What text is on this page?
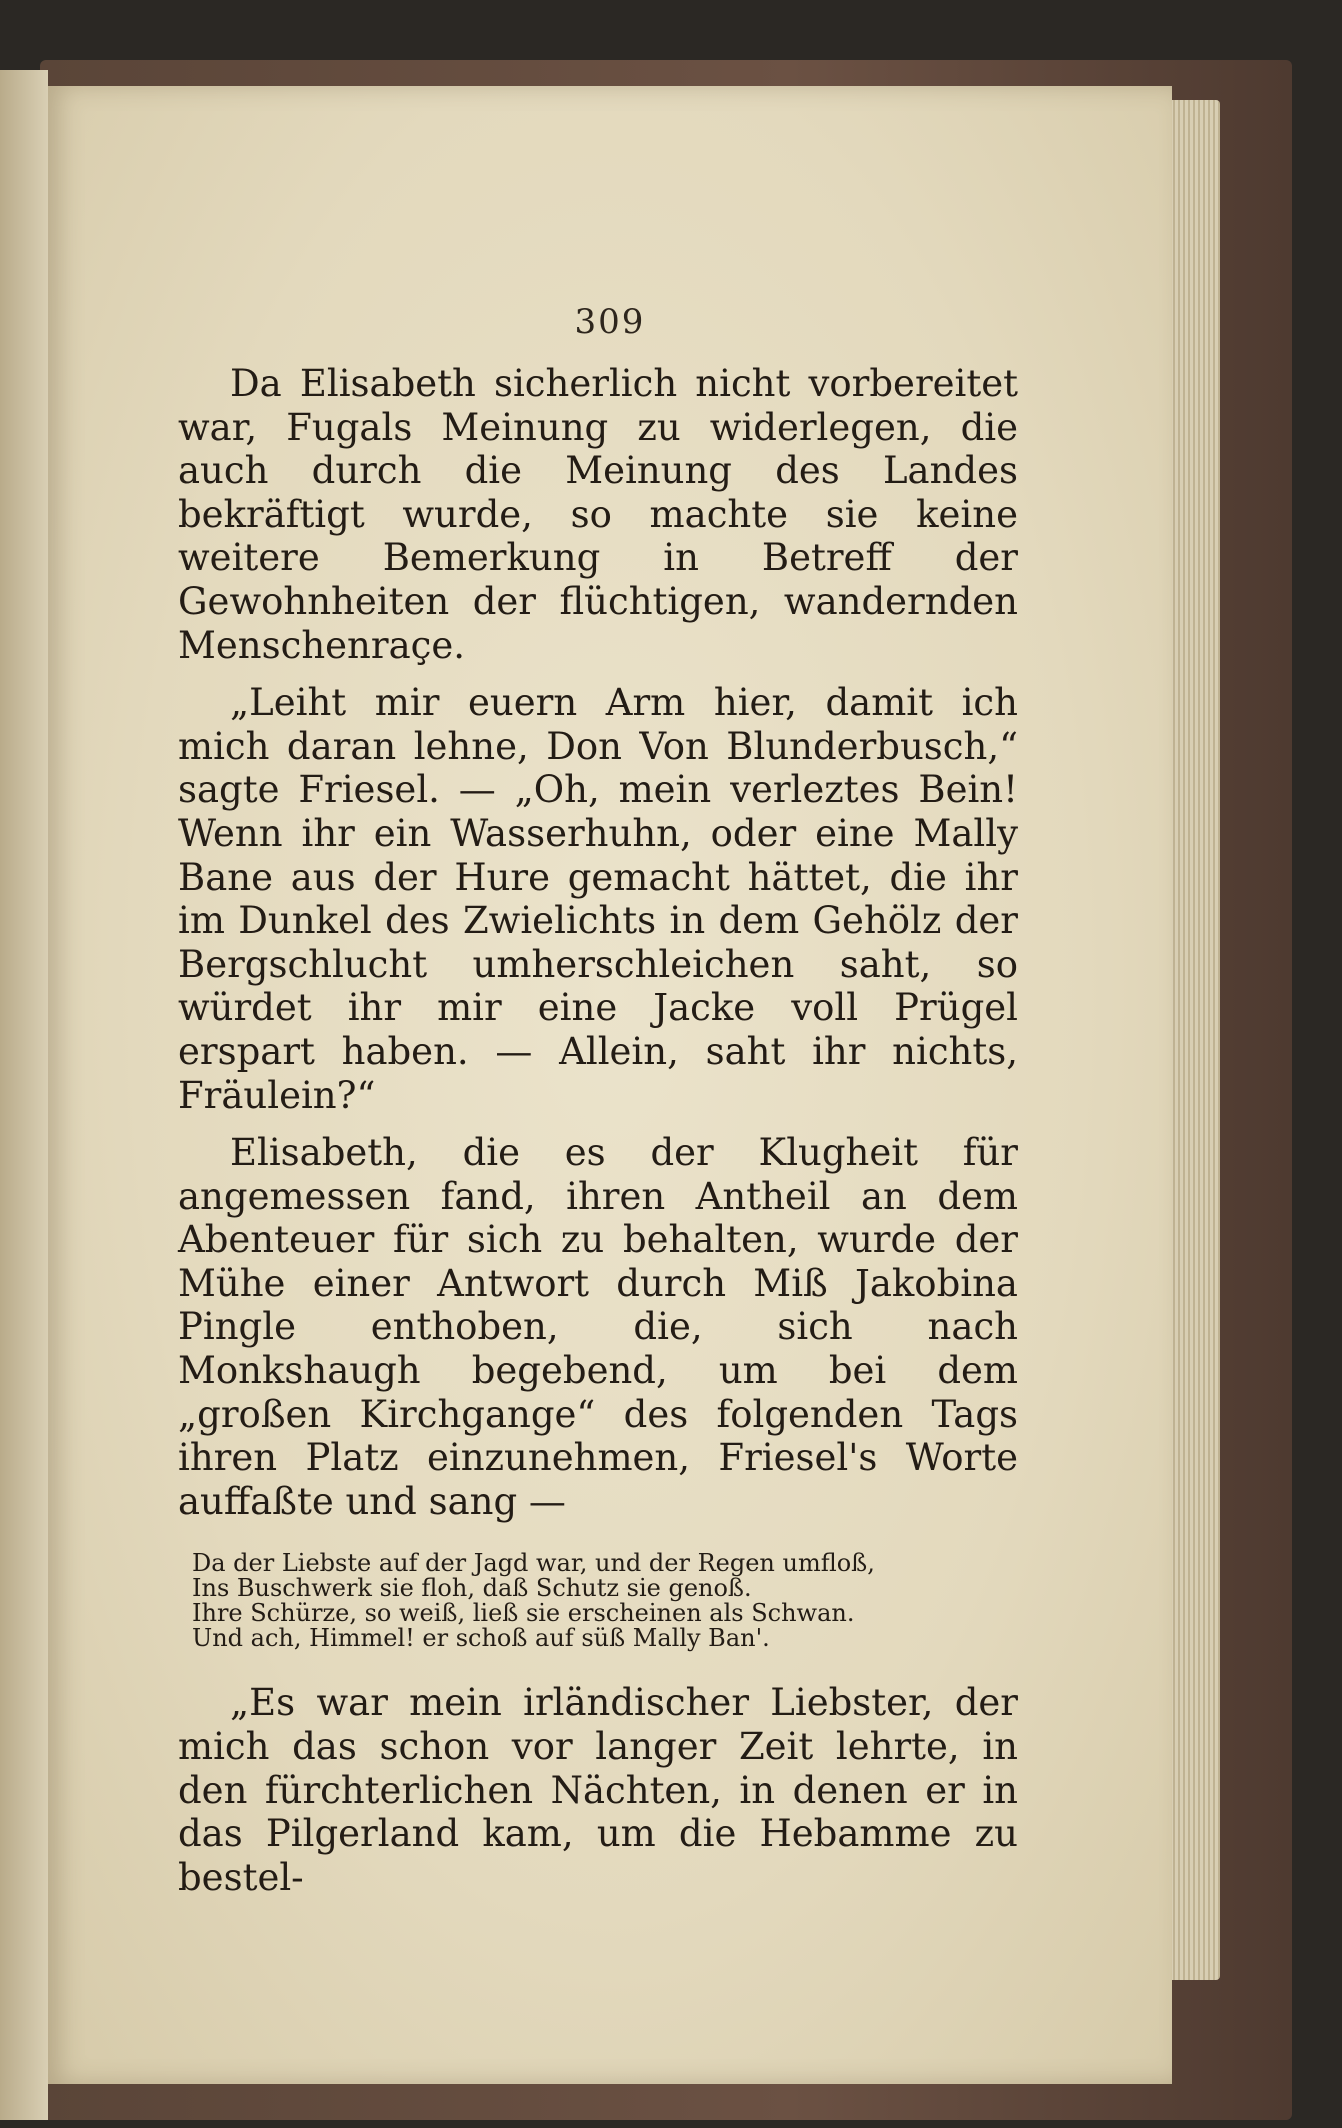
309

Da Elisabeth sicherlich nicht vorbereitet war, Fugals Meinung zu widerlegen, die auch durch die Meinung des Landes bekräftigt wurde, so machte sie keine weitere Bemerkung in Betreff der Gewohnheiten der flüchtigen, wandernden Menschenraçe.

„Leiht mir euern Arm hier, damit ich mich daran lehne, Don Von Blunderbusch,“ sagte Friesel. — „Oh, mein verleztes Bein! Wenn ihr ein Wasserhuhn, oder eine Mally Bane aus der Hure gemacht hättet, die ihr im Dunkel des Zwielichts in dem Gehölz der Bergschlucht umherschleichen saht, so würdet ihr mir eine Jacke voll Prügel erspart haben. — Allein, saht ihr nichts, Fräulein?“

Elisabeth, die es der Klugheit für angemessen fand, ihren Antheil an dem Abenteuer für sich zu behalten, wurde der Mühe einer Antwort durch Miß Jakobina Pingle enthoben, die, sich nach Monkshaugh begebend, um bei dem „großen Kirchgange“ des folgenden Tags ihren Platz einzunehmen, Friesel's Worte auffaßte und sang —

Da der Liebste auf der Jagd war, und der Regen umfloß,
Ins Buschwerk sie floh, daß Schutz sie genoß.
Ihre Schürze, so weiß, ließ sie erscheinen als Schwan.
Und ach, Himmel! er schoß auf süß Mally Ban'.

„Es war mein irländischer Liebster, der mich das schon vor langer Zeit lehrte, in den fürchterlichen Nächten, in denen er in das Pilgerland kam, um die Hebamme zu bestel-
